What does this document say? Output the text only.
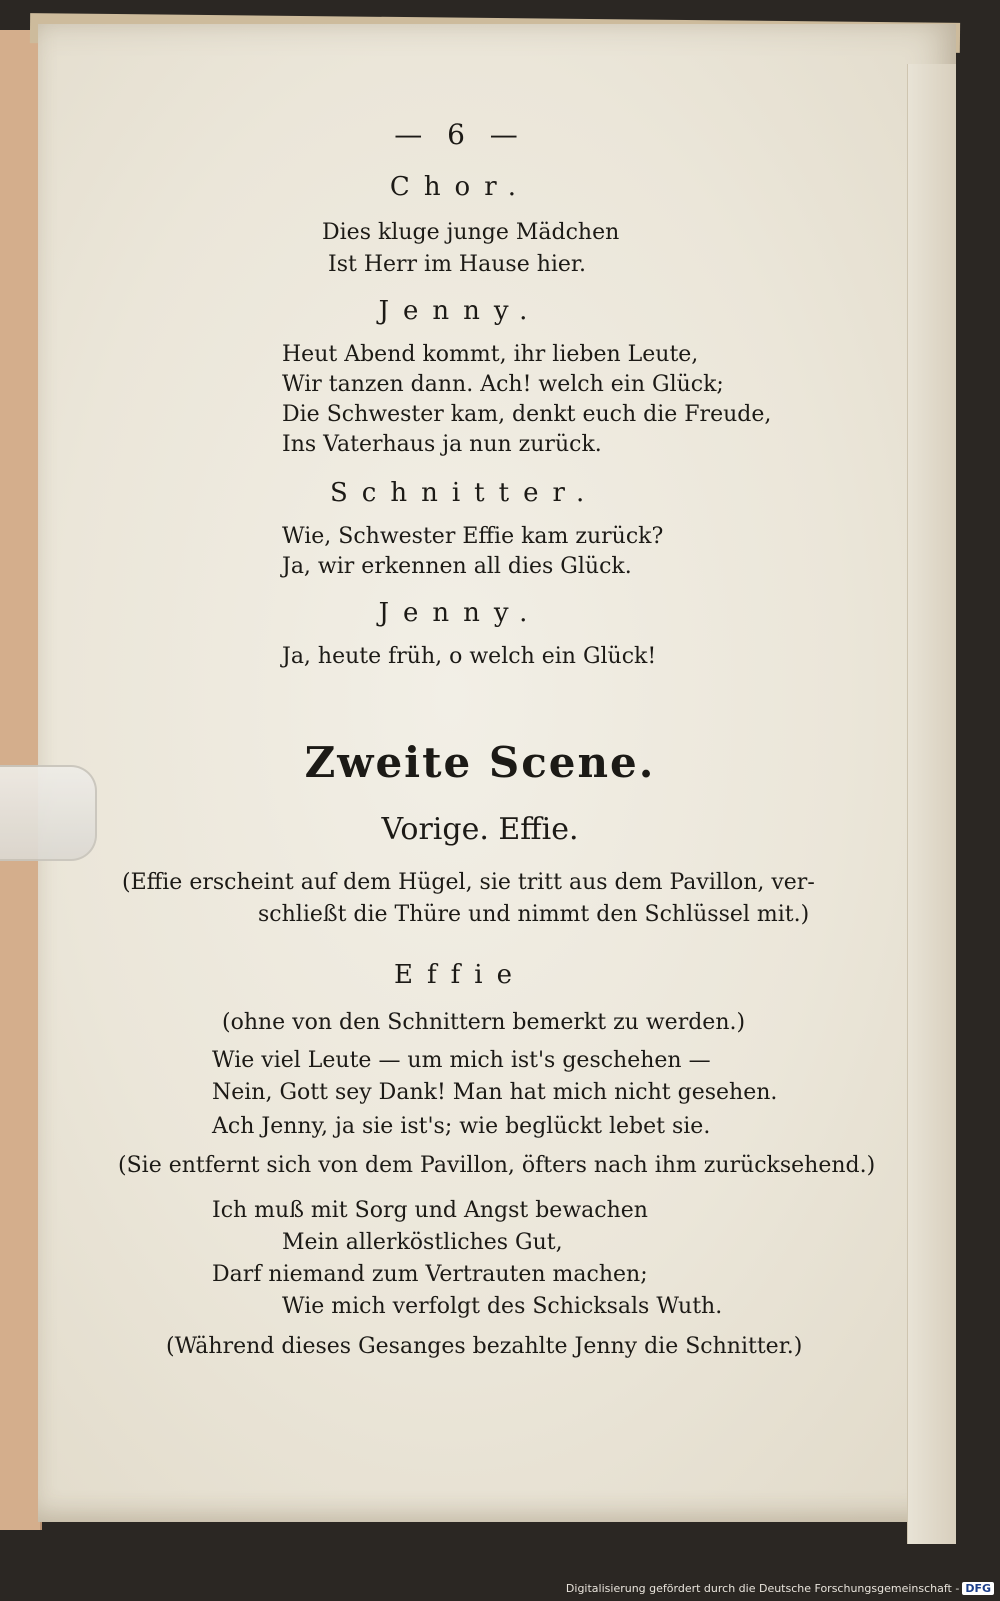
— 6 —
Chor.
Dies kluge junge Mädchen
Ist Herr im Hause hier.
Jenny.
Heut Abend kommt, ihr lieben Leute,
Wir tanzen dann. Ach! welch ein Glück;
Die Schwester kam, denkt euch die Freude,
Ins Vaterhaus ja nun zurück.
Schnitter.
Wie, Schwester Effie kam zurück?
Ja, wir erkennen all dies Glück.
Jenny.
Ja, heute früh, o welch ein Glück!
Zweite Scene.
Vorige. Effie.
(Effie erscheint auf dem Hügel, sie tritt aus dem Pavillon, ver-
schließt die Thüre und nimmt den Schlüssel mit.)
Effie
(ohne von den Schnittern bemerkt zu werden.)
Wie viel Leute — um mich ist's geschehen —
Nein, Gott sey Dank! Man hat mich nicht gesehen.
Ach Jenny, ja sie ist's; wie beglückt lebet sie.
(Sie entfernt sich von dem Pavillon, öfters nach ihm zurücksehend.)
Ich muß mit Sorg und Angst bewachen
Mein allerköstliches Gut,
Darf niemand zum Vertrauten machen;
Wie mich verfolgt des Schicksals Wuth.
(Während dieses Gesanges bezahlte Jenny die Schnitter.)
Digitalisierung gefördert durch die Deutsche Forschungsgemeinschaft - DFG
